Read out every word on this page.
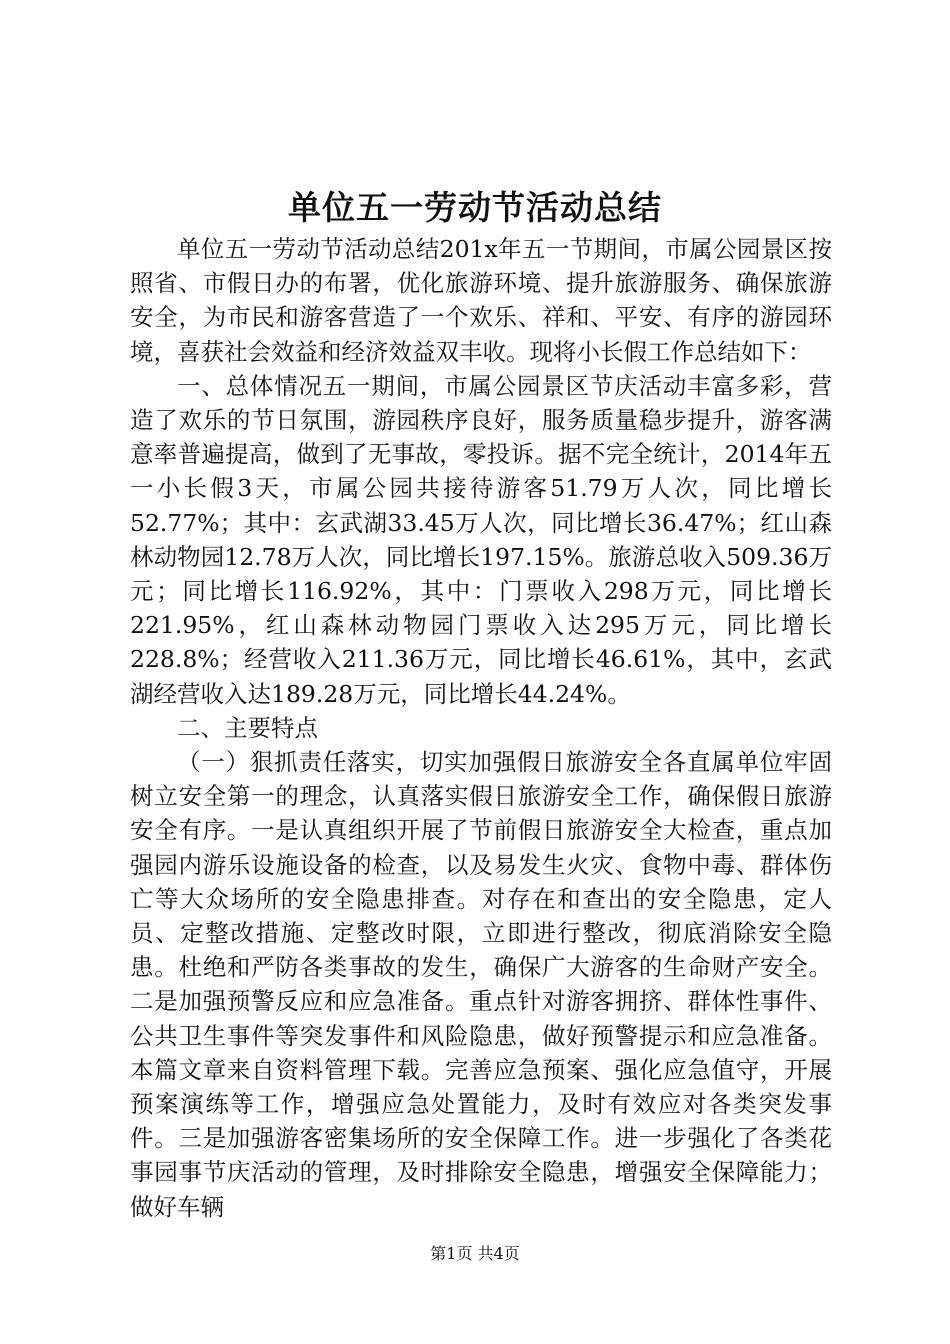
单位五一劳动节活动总结

单位五一劳动节活动总结201x年五一节期间，市属公园景区按照省、市假日办的布署，优化旅游环境、提升旅游服务、确保旅游安全，为市民和游客营造了一个欢乐、祥和、平安、有序的游园环境，喜获社会效益和经济效益双丰收。现将小长假工作总结如下：

一、总体情况五一期间，市属公园景区节庆活动丰富多彩，营造了欢乐的节日氛围，游园秩序良好，服务质量稳步提升，游客满意率普遍提高，做到了无事故，零投诉。据不完全统计，2014年五一小长假3天，市属公园共接待游客51.79万人次，同比增长52.77%；其中：玄武湖33.45万人次，同比增长36.47%；红山森林动物园12.78万人次，同比增长197.15%。旅游总收入509.36万元；同比增长116.92%，其中：门票收入298万元，同比增长221.95%，红山森林动物园门票收入达295万元，同比增长228.8%；经营收入211.36万元，同比增长46.61%，其中，玄武湖经营收入达189.28万元，同比增长44.24%。

二、主要特点

（一）狠抓责任落实，切实加强假日旅游安全各直属单位牢固树立安全第一的理念，认真落实假日旅游安全工作，确保假日旅游安全有序。一是认真组织开展了节前假日旅游安全大检查，重点加强园内游乐设施设备的检查，以及易发生火灾、食物中毒、群体伤亡等大众场所的安全隐患排查。对存在和查出的安全隐患，定人员、定整改措施、定整改时限，立即进行整改，彻底消除安全隐患。杜绝和严防各类事故的发生，确保广大游客的生命财产安全。二是加强预警反应和应急准备。重点针对游客拥挤、群体性事件、公共卫生事件等突发事件和风险隐患，做好预警提示和应急准备。本篇文章来自资料管理下载。完善应急预案、强化应急值守，开展预案演练等工作，增强应急处置能力，及时有效应对各类突发事件。三是加强游客密集场所的安全保障工作。进一步强化了各类花事园事节庆活动的管理，及时排除安全隐患，增强安全保障能力；做好车辆

第1页 共4页
